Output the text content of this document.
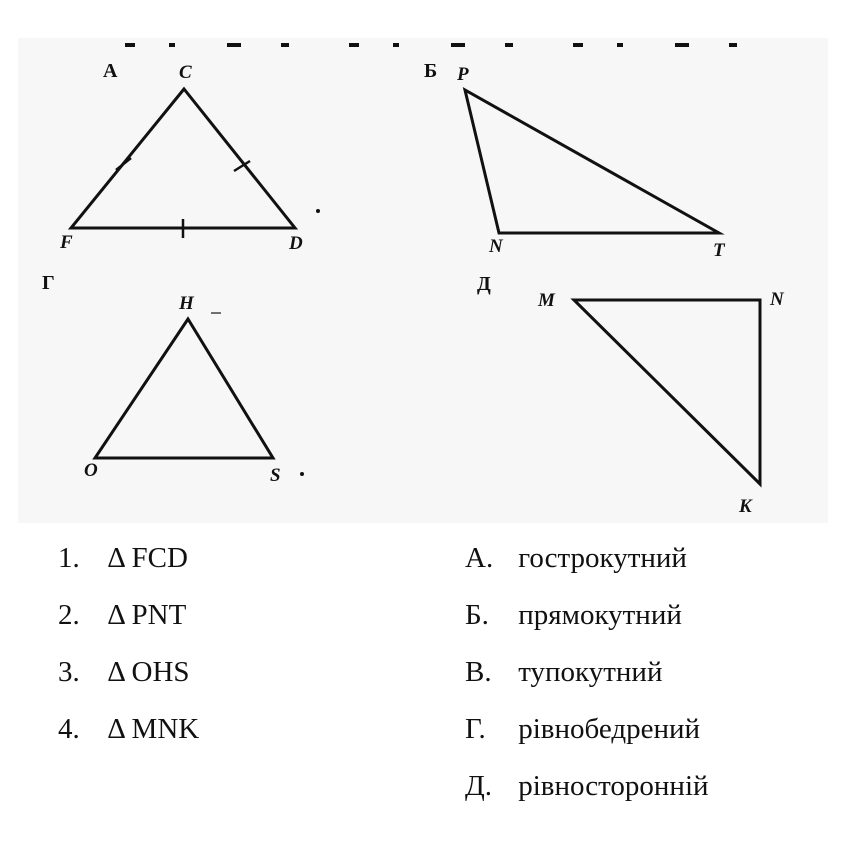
А	C
F	D
Б P
N	T
Г
H
O	S
Д
M	N
K
1. Δ FCD
2. Δ PNT
3. Δ OHS
4. Δ MNK
А. гострокутний
Б. прямокутний
В. тупокутний
Г. рівнобедрений
Д. рівносторонній
